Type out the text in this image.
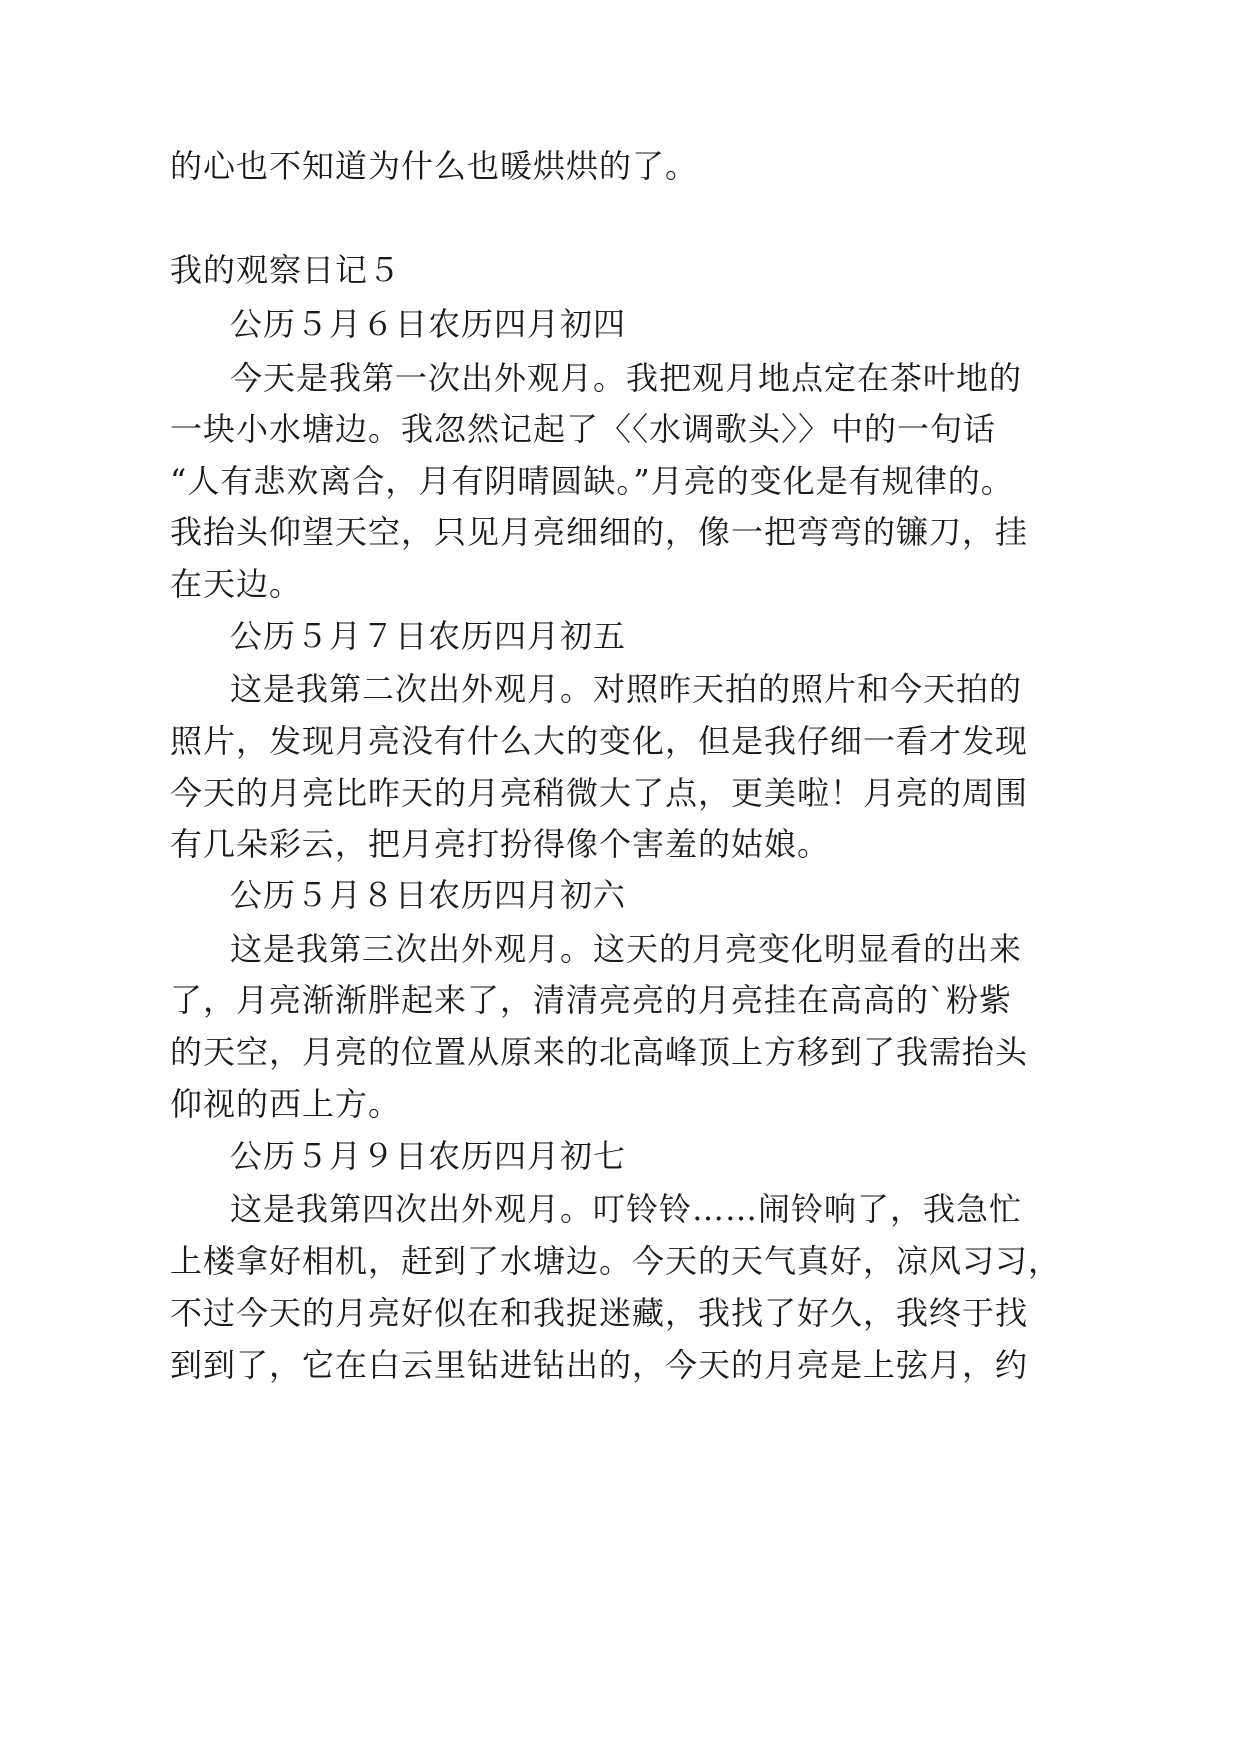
的心也不知道为什么也暖烘烘的了。
我的观察日记５
公历５月６日农历四月初四
今天是我第一次出外观月。我把观月地点定在茶叶地的
一块小水塘边。我忽然记起了〈〈水调歌头〉〉中的一句话
“人有悲欢离合，月有阴晴圆缺。”月亮的变化是有规律的。
我抬头仰望天空，只见月亮细细的，像一把弯弯的镰刀，挂
在天边。
公历５月７日农历四月初五
这是我第二次出外观月。对照昨天拍的照片和今天拍的
照片，发现月亮没有什么大的变化，但是我仔细一看才发现
今天的月亮比昨天的月亮稍微大了点，更美啦！月亮的周围
有几朵彩云，把月亮打扮得像个害羞的姑娘。
公历５月８日农历四月初六
这是我第三次出外观月。这天的月亮变化明显看的出来
了，月亮渐渐胖起来了，清清亮亮的月亮挂在高高的`粉紫
的天空，月亮的位置从原来的北高峰顶上方移到了我需抬头
仰视的西上方。
公历５月９日农历四月初七
这是我第四次出外观月。叮铃铃……闹铃响了，我急忙
上楼拿好相机，赶到了水塘边。今天的天气真好，凉风习习，
不过今天的月亮好似在和我捉迷藏，我找了好久，我终于找
到到了，它在白云里钻进钻出的，今天的月亮是上弦月，约
